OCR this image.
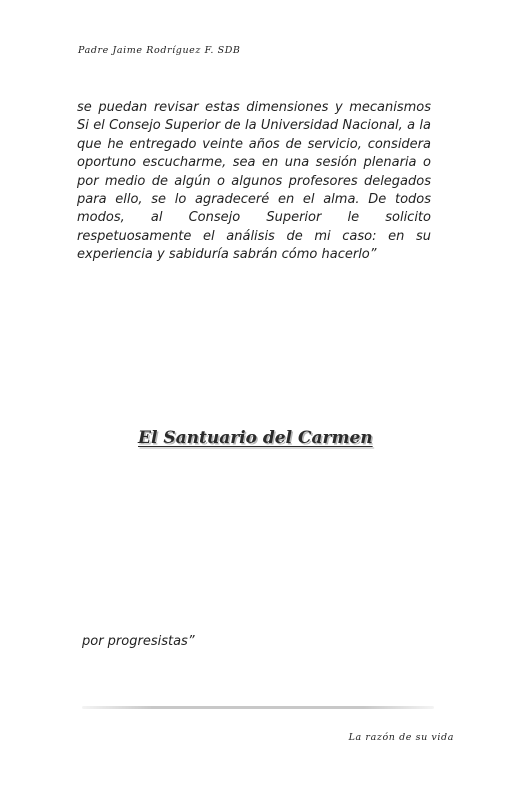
Padre Jaime Rodríguez F. SDB

se puedan revisar estas dimensiones y mecanismos Si el Consejo Superior de la Universidad Nacional, a la que he entregado veinte años de servicio, considera oportuno escucharme, sea en una sesión plenaria o por medio de algún o algunos profesores delegados para ello, se lo agradeceré en el alma. De todos modos, al Consejo Superior le solicito respetuosamente el análisis de mi caso: en su experiencia y sabiduría sabrán cómo hacerlo”

El Santuario del Carmen
por progresistas”
La razón de su vida
